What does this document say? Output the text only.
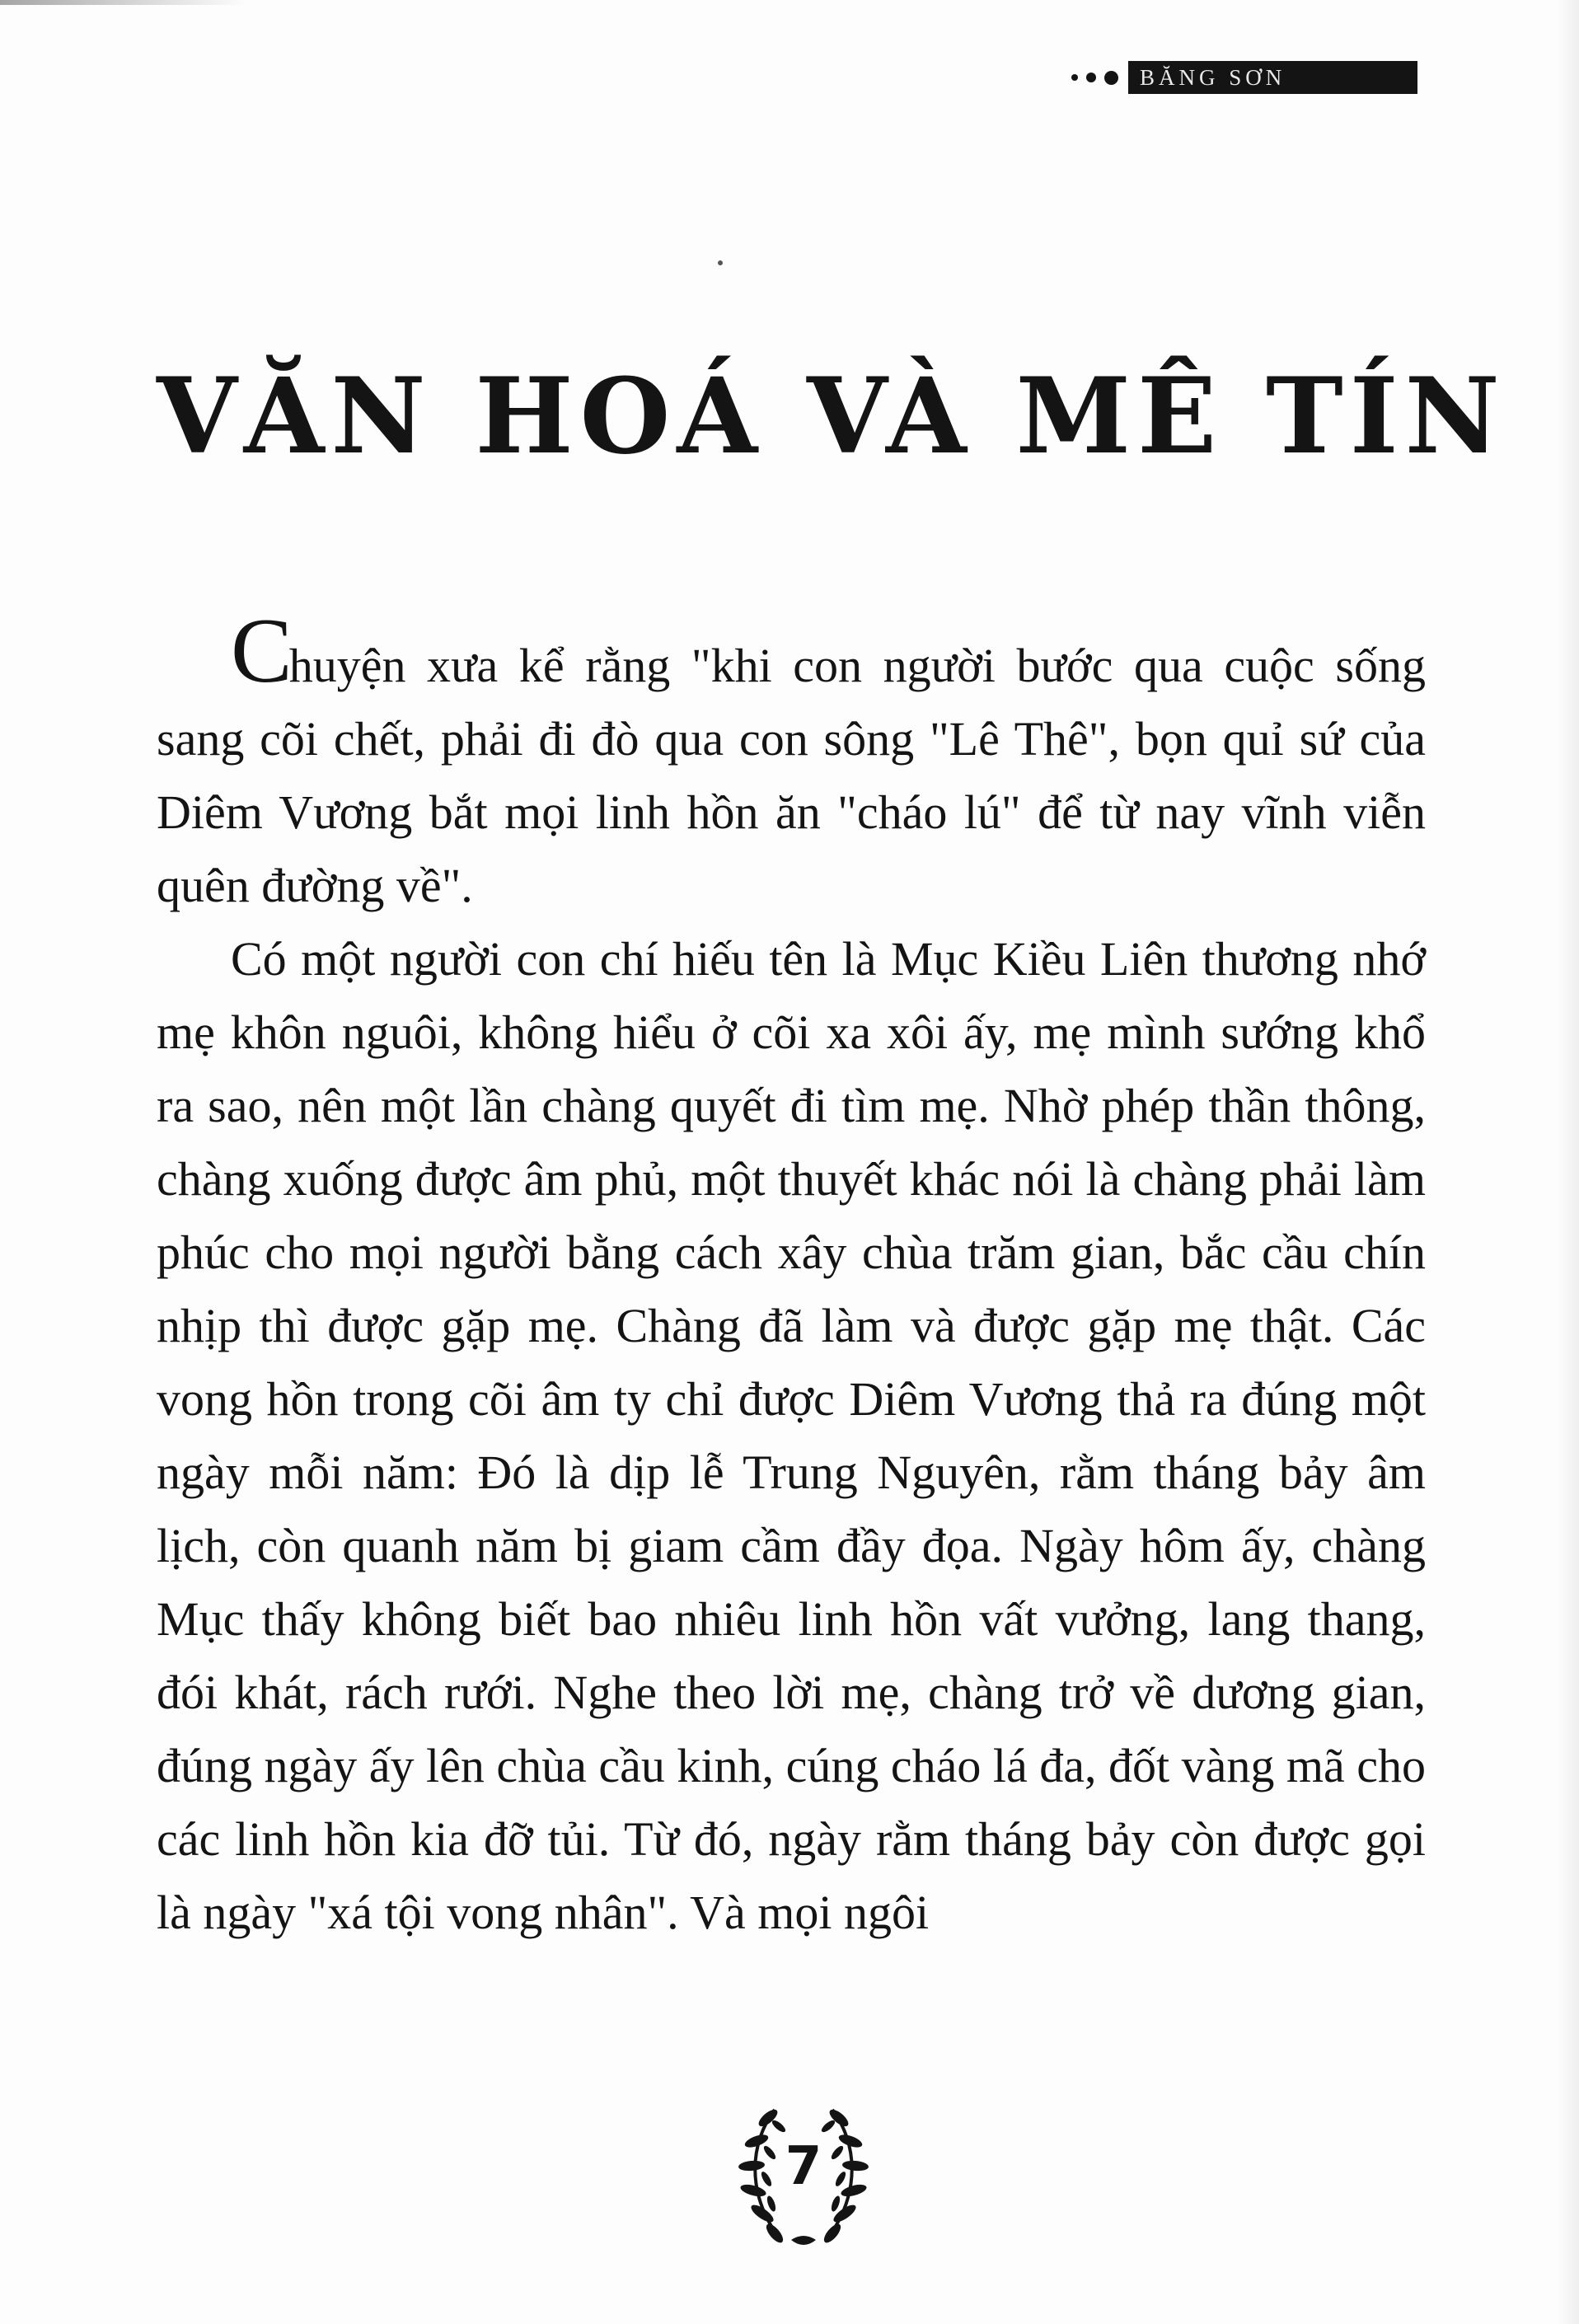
BĂNG SƠN
VĂN HOÁ VÀ MÊ TÍN

Chuyện xưa kể rằng "khi con người bước qua cuộc sống sang cõi chết, phải đi đò qua con sông "Lê Thê", bọn quỉ sứ của Diêm Vương bắt mọi linh hồn ăn "cháo lú" để từ nay vĩnh viễn quên đường về".

Có một người con chí hiếu tên là Mục Kiều Liên thương nhớ mẹ khôn nguôi, không hiểu ở cõi xa xôi ấy, mẹ mình sướng khổ ra sao, nên một lần chàng quyết đi tìm mẹ. Nhờ phép thần thông, chàng xuống được âm phủ, một thuyết khác nói là chàng phải làm phúc cho mọi người bằng cách xây chùa trăm gian, bắc cầu chín nhịp thì được gặp mẹ. Chàng đã làm và được gặp mẹ thật. Các vong hồn trong cõi âm ty chỉ được Diêm Vương thả ra đúng một ngày mỗi năm: Đó là dịp lễ Trung Nguyên, rằm tháng bảy âm lịch, còn quanh năm bị giam cầm đầy đọa. Ngày hôm ấy, chàng Mục thấy không biết bao nhiêu linh hồn vất vưởng, lang thang, đói khát, rách rưới. Nghe theo lời mẹ, chàng trở về dương gian, đúng ngày ấy lên chùa cầu kinh, cúng cháo lá đa, đốt vàng mã cho các linh hồn kia đỡ tủi. Từ đó, ngày rằm tháng bảy còn được gọi là ngày "xá tội vong nhân". Và mọi ngôi

7
